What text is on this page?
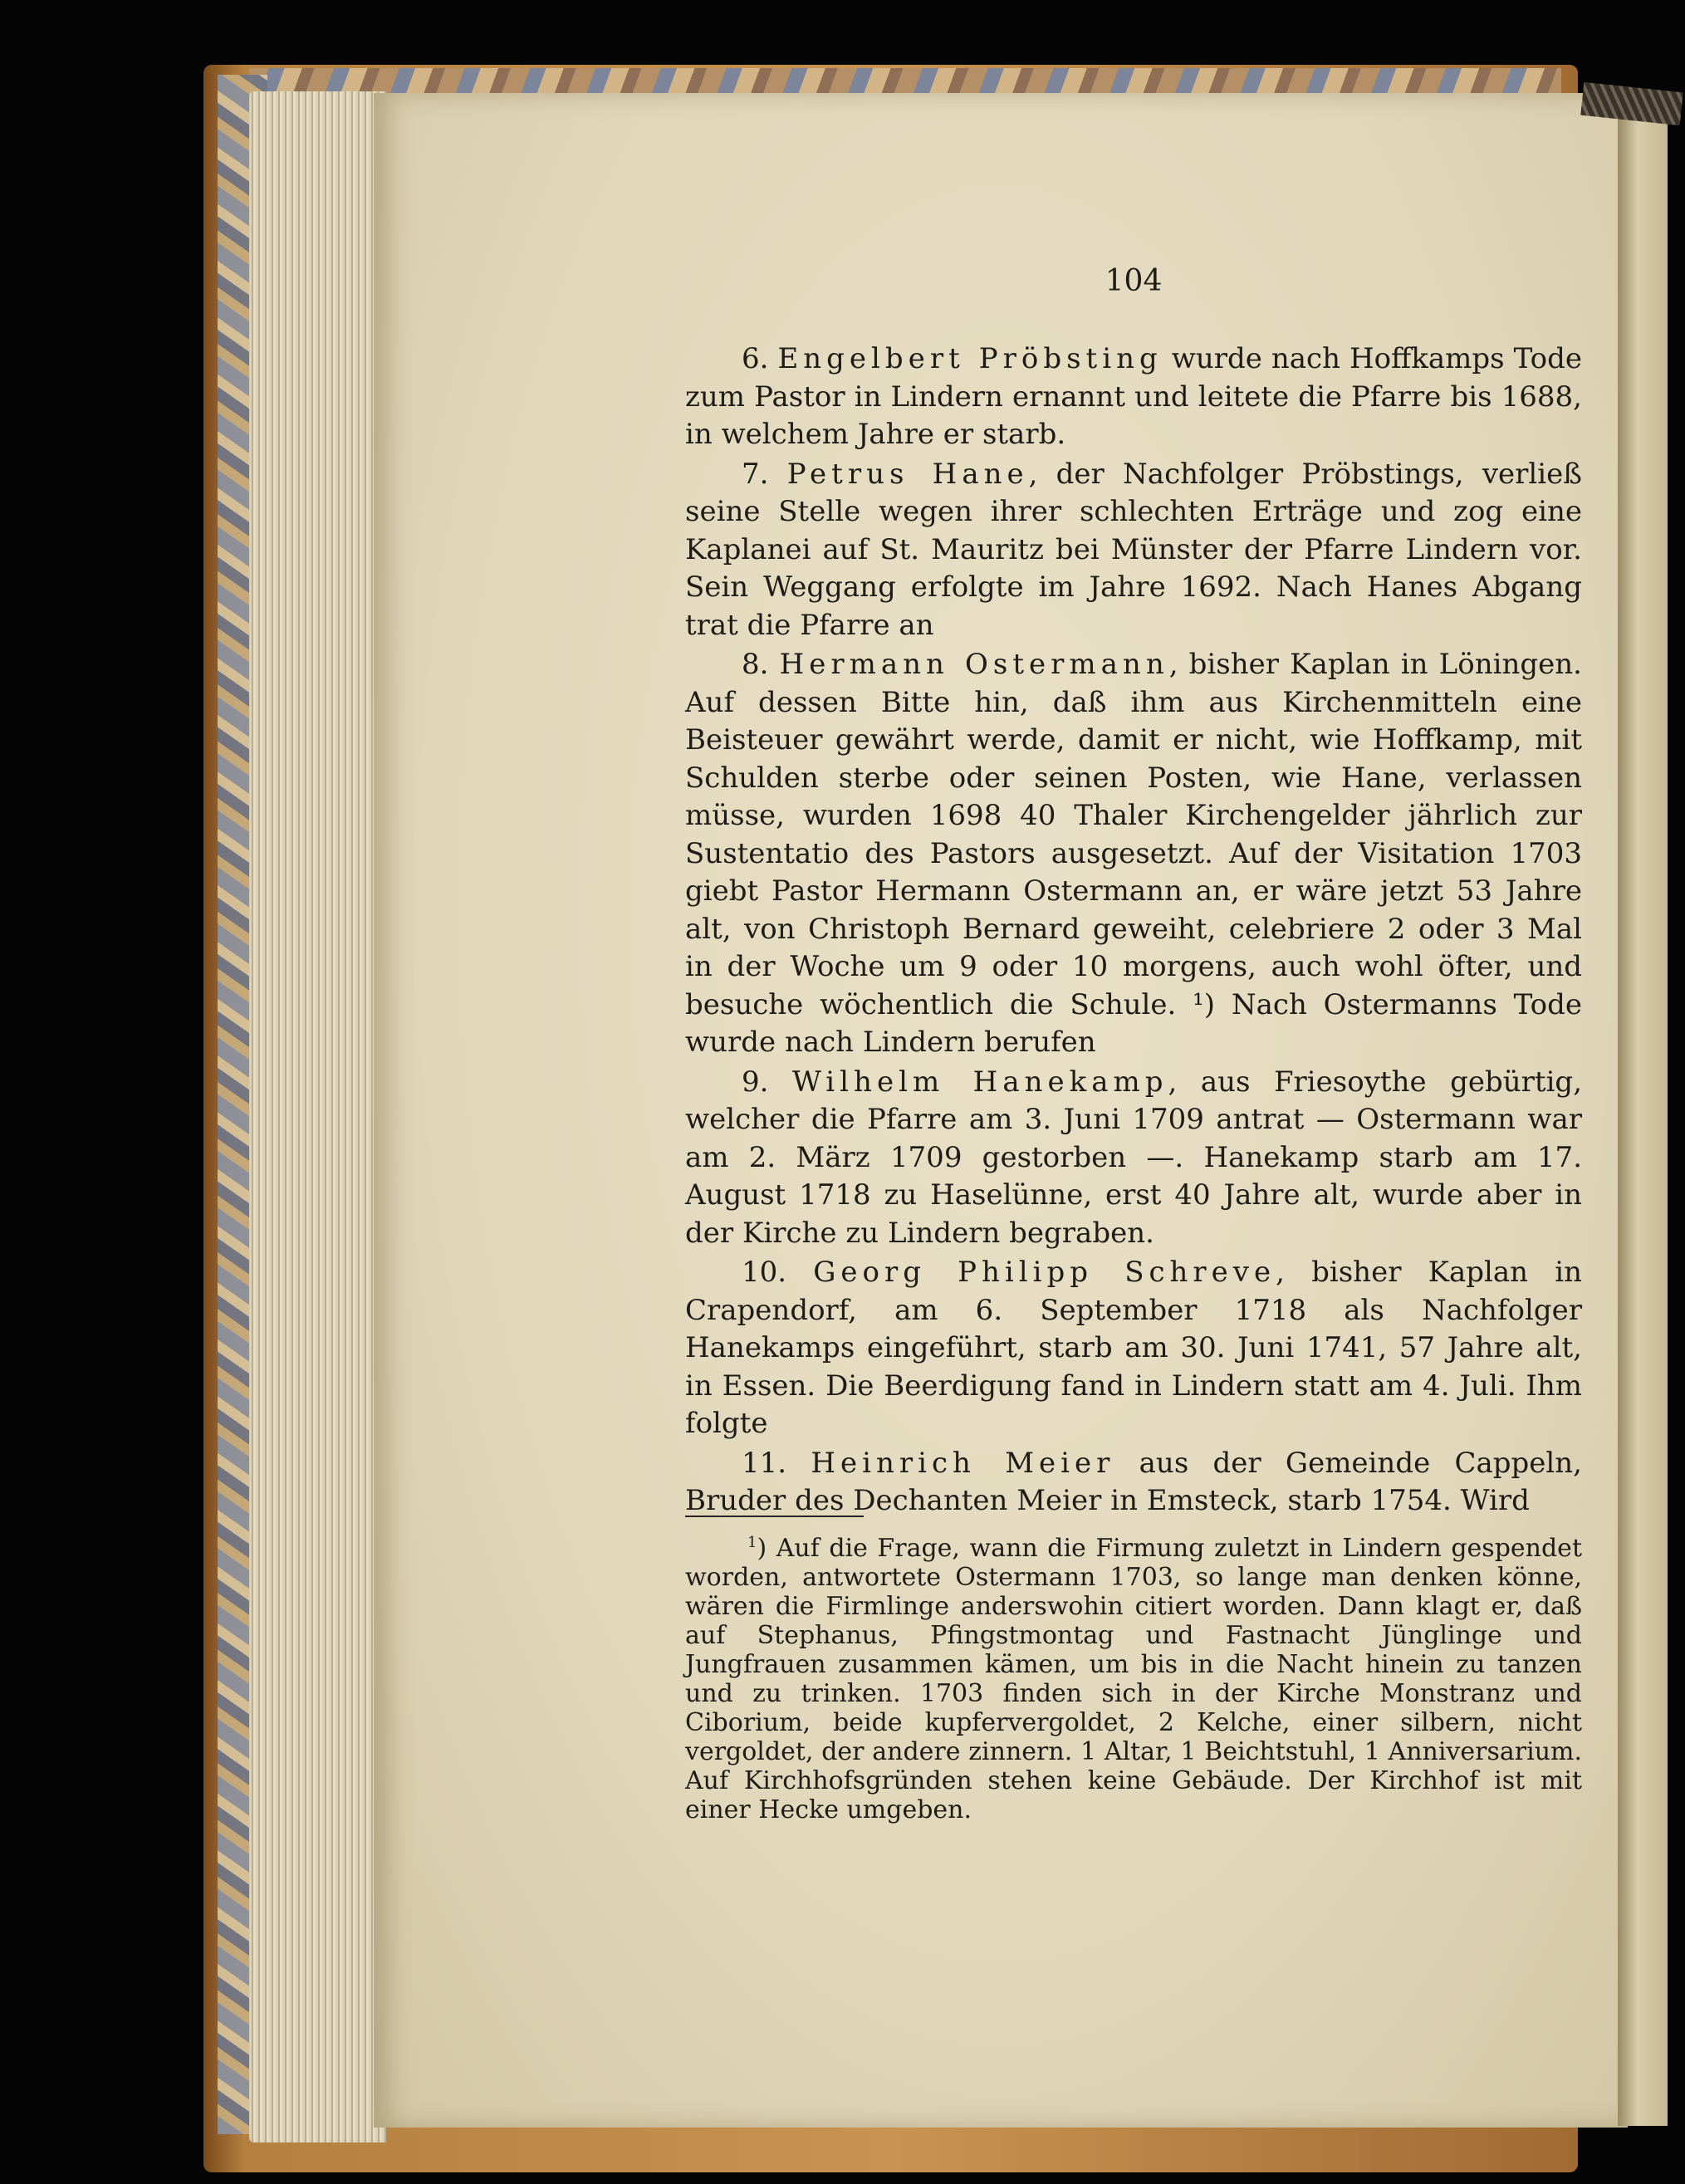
104

6. Engelbert Pröbsting wurde nach Hoffkamps Tode zum Pastor in Lindern ernannt und leitete die Pfarre bis 1688, in welchem Jahre er starb.

7. Petrus Hane, der Nachfolger Pröbstings, verließ seine Stelle wegen ihrer schlechten Erträge und zog eine Kaplanei auf St. Mauritz bei Münster der Pfarre Lindern vor. Sein Weggang erfolgte im Jahre 1692. Nach Hanes Abgang trat die Pfarre an

8. Hermann Ostermann, bisher Kaplan in Löningen. Auf dessen Bitte hin, daß ihm aus Kirchenmitteln eine Beisteuer gewährt werde, damit er nicht, wie Hoffkamp, mit Schulden sterbe oder seinen Posten, wie Hane, verlassen müsse, wurden 1698 40 Thaler Kirchengelder jährlich zur Sustentatio des Pastors ausgesetzt. Auf der Visitation 1703 giebt Pastor Hermann Ostermann an, er wäre jetzt 53 Jahre alt, von Christoph Bernard geweiht, celebriere 2 oder 3 Mal in der Woche um 9 oder 10 morgens, auch wohl öfter, und besuche wöchentlich die Schule. ¹) Nach Ostermanns Tode wurde nach Lindern berufen

9. Wilhelm Hanekamp, aus Friesoythe gebürtig, welcher die Pfarre am 3. Juni 1709 antrat — Ostermann war am 2. März 1709 gestorben —. Hanekamp starb am 17. August 1718 zu Haselünne, erst 40 Jahre alt, wurde aber in der Kirche zu Lindern begraben.

10. Georg Philipp Schreve, bisher Kaplan in Crapendorf, am 6. September 1718 als Nachfolger Hanekamps eingeführt, starb am 30. Juni 1741, 57 Jahre alt, in Essen. Die Beerdigung fand in Lindern statt am 4. Juli. Ihm folgte

11. Heinrich Meier aus der Gemeinde Cappeln, Bruder des Dechanten Meier in Emsteck, starb 1754. Wird

$^1$) Auf die Frage, wann die Firmung zuletzt in Lindern gespendet worden, antwortete Ostermann 1703, so lange man denken könne, wären die Firmlinge anderswohin citiert worden. Dann klagt er, daß auf Stephanus, Pfingstmontag und Fastnacht Jünglinge und Jungfrauen zusammen kämen, um bis in die Nacht hinein zu tanzen und zu trinken. 1703 finden sich in der Kirche Monstranz und Ciborium, beide kupfervergoldet, 2 Kelche, einer silbern, nicht vergoldet, der andere zinnern. 1 Altar, 1 Beichtstuhl, 1 Anniversarium. Auf Kirchhofsgründen stehen keine Gebäude. Der Kirchhof ist mit einer Hecke umgeben.
